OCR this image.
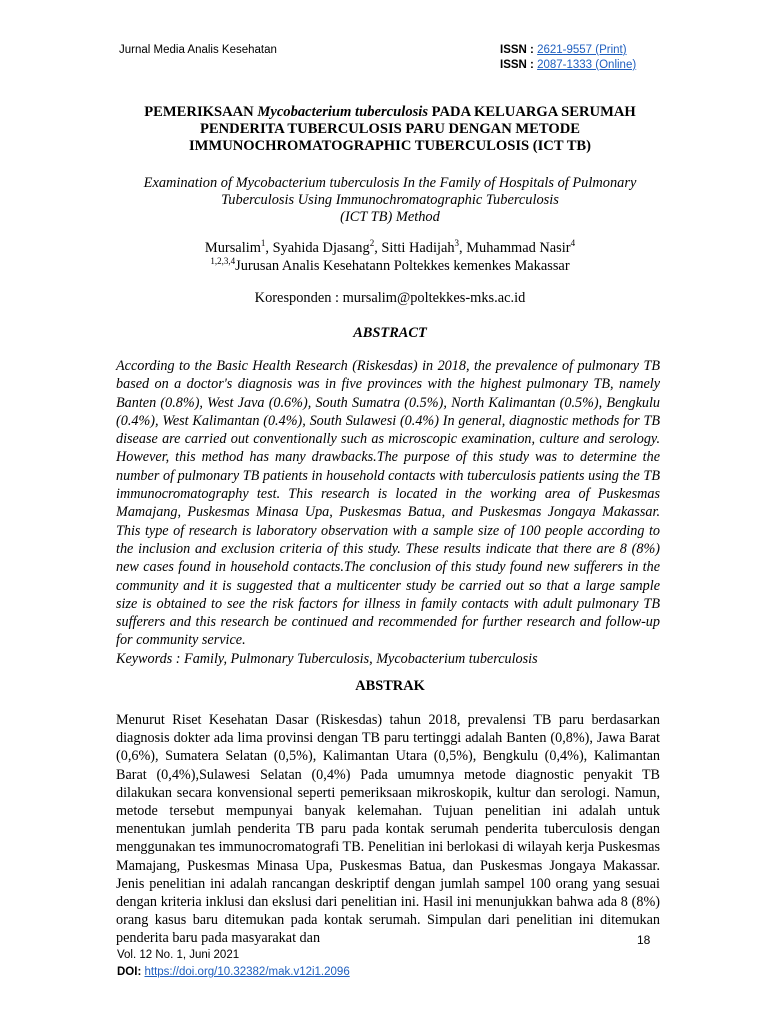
Jurnal Media Analis Kesehatan	ISSN : 2621-9557 (Print)
ISSN : 2087-1333 (Online)
PEMERIKSAAN Mycobacterium tuberculosis PADA KELUARGA SERUMAH
PENDERITA TUBERCULOSIS PARU DENGAN METODE
IMMUNOCHROMATOGRAPHIC TUBERCULOSIS (ICT TB)
Examination of Mycobacterium tuberculosis In the Family of Hospitals of Pulmonary
Tuberculosis Using Immunochromatographic Tuberculosis
(ICT TB) Method
Mursalim$^1$, Syahida Djasang$^2$, Sitti Hadijah$^3$, Muhammad Nasir$^4$
$^{1,2,3,4}$Jurusan Analis Kesehatann Poltekkes kemenkes Makassar
Koresponden : mursalim@poltekkes-mks.ac.id
ABSTRACT
According to the Basic Health Research (Riskesdas) in 2018, the prevalence of pulmonary TB based on a doctor's diagnosis was in five provinces with the highest pulmonary TB, namely Banten (0.8%), West Java (0.6%), South Sumatra (0.5%), North Kalimantan (0.5%), Bengkulu (0.4%), West Kalimantan (0.4%), South Sulawesi (0.4%) In general, diagnostic methods for TB disease are carried out conventionally such as microscopic examination, culture and serology. However, this method has many drawbacks.The purpose of this study was to determine the number of pulmonary TB patients in household contacts with tuberculosis patients using the TB immunocromatography test. This research is located in the working area of Puskesmas Mamajang, Puskesmas Minasa Upa, Puskesmas Batua, and Puskesmas Jongaya Makassar. This type of research is laboratory observation with a sample size of 100 people according to the inclusion and exclusion criteria of this study. These results indicate that there are 8 (8%) new cases found in household contacts.The conclusion of this study found new sufferers in the community and it is suggested that a multicenter study be carried out so that a large sample size is obtained to see the risk factors for illness in family contacts with adult pulmonary TB sufferers and this research be continued and recommended for further research and follow-up for community service.
Keywords : Family, Pulmonary Tuberculosis, Mycobacterium tuberculosis
ABSTRAK
Menurut Riset Kesehatan Dasar (Riskesdas) tahun 2018, prevalensi TB paru berdasarkan diagnosis dokter ada lima provinsi dengan TB paru tertinggi adalah Banten (0,8%), Jawa Barat (0,6%), Sumatera Selatan (0,5%), Kalimantan Utara (0,5%), Bengkulu (0,4%), Kalimantan Barat (0,4%),Sulawesi Selatan (0,4%) Pada umumnya metode diagnostic penyakit TB dilakukan secara konvensional seperti pemeriksaan mikroskopik, kultur dan serologi. Namun, metode tersebut mempunyai banyak kelemahan. Tujuan penelitian ini adalah untuk menentukan jumlah penderita TB paru pada kontak serumah penderita tuberculosis dengan menggunakan tes immunocromatografi TB. Penelitian ini berlokasi di wilayah kerja Puskesmas Mamajang, Puskesmas Minasa Upa, Puskesmas Batua, dan Puskesmas Jongaya Makassar. Jenis penelitian ini adalah rancangan deskriptif dengan jumlah sampel 100 orang yang sesuai dengan kriteria inklusi dan ekslusi dari penelitian ini. Hasil ini menunjukkan bahwa ada 8 (8%) orang kasus baru ditemukan pada kontak serumah. Simpulan dari penelitian ini ditemukan penderita baru pada masyarakat dan	18
Vol. 12 No. 1, Juni 2021
DOI: https://doi.org/10.32382/mak.v12i1.2096
